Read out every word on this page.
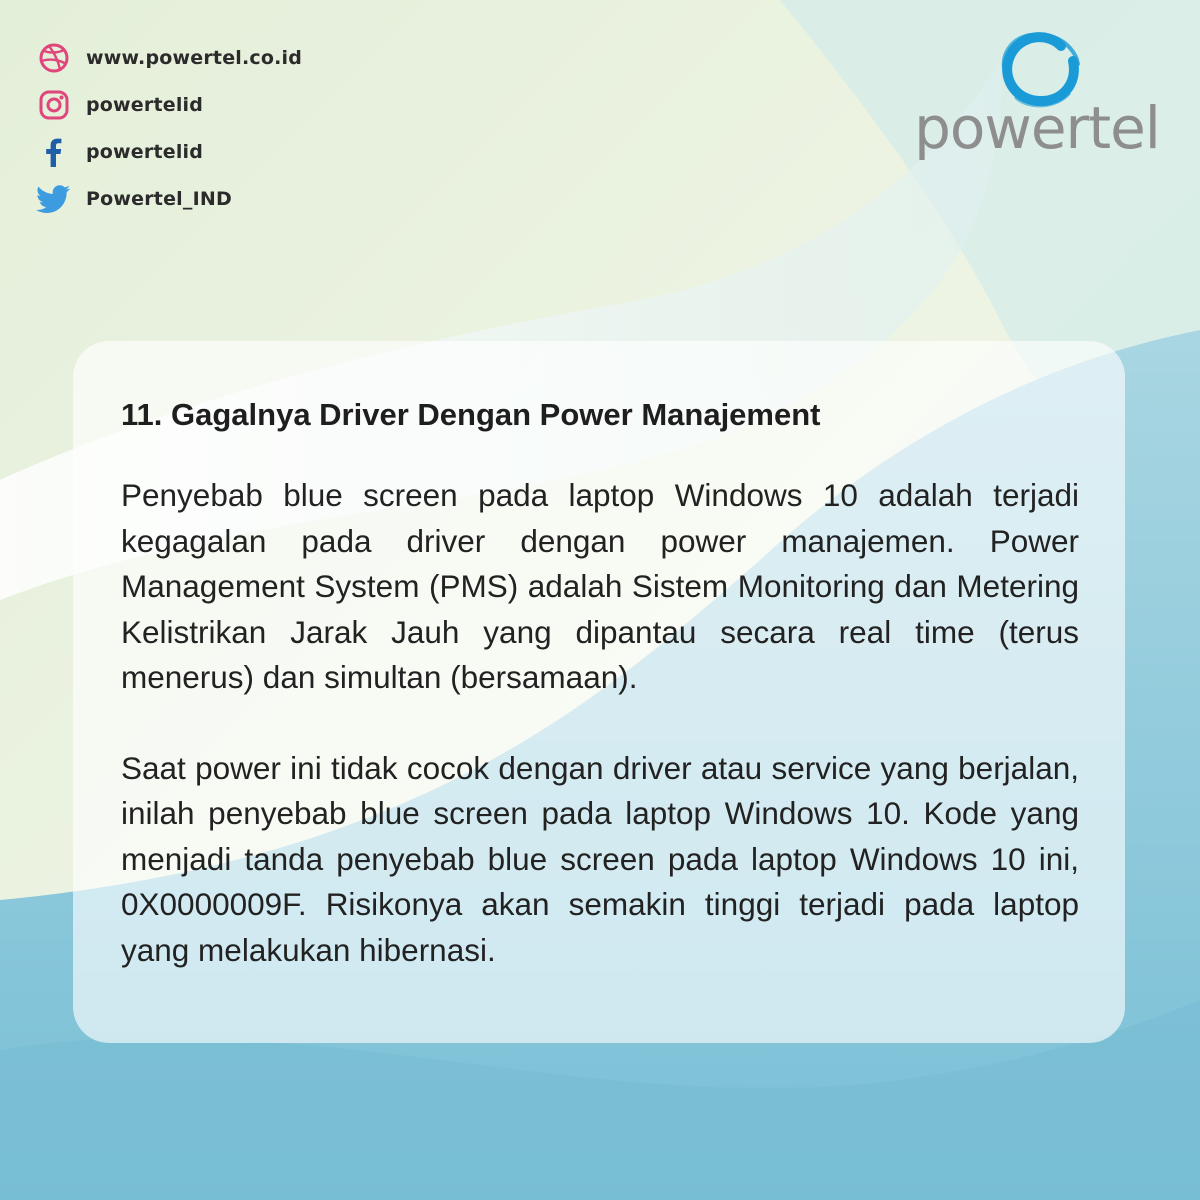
www.powertel.co.id
powertelid
powertelid
Powertel_IND
powertel
11. Gagalnya Driver Dengan Power Manajement

Penyebab blue screen pada laptop Windows 10 adalah terjadi kegagalan pada driver dengan power manajemen. Power Management System (PMS) adalah Sistem Monitoring dan Metering Kelistrikan Jarak Jauh yang dipantau secara real time (terus menerus) dan simultan (bersamaan).

Saat power ini tidak cocok dengan driver atau service yang berjalan, inilah penyebab blue screen pada laptop Windows 10. Kode yang menjadi tanda penyebab blue screen pada laptop Windows 10 ini, 0X0000009F. Risikonya akan semakin tinggi terjadi pada laptop yang melakukan hibernasi.
